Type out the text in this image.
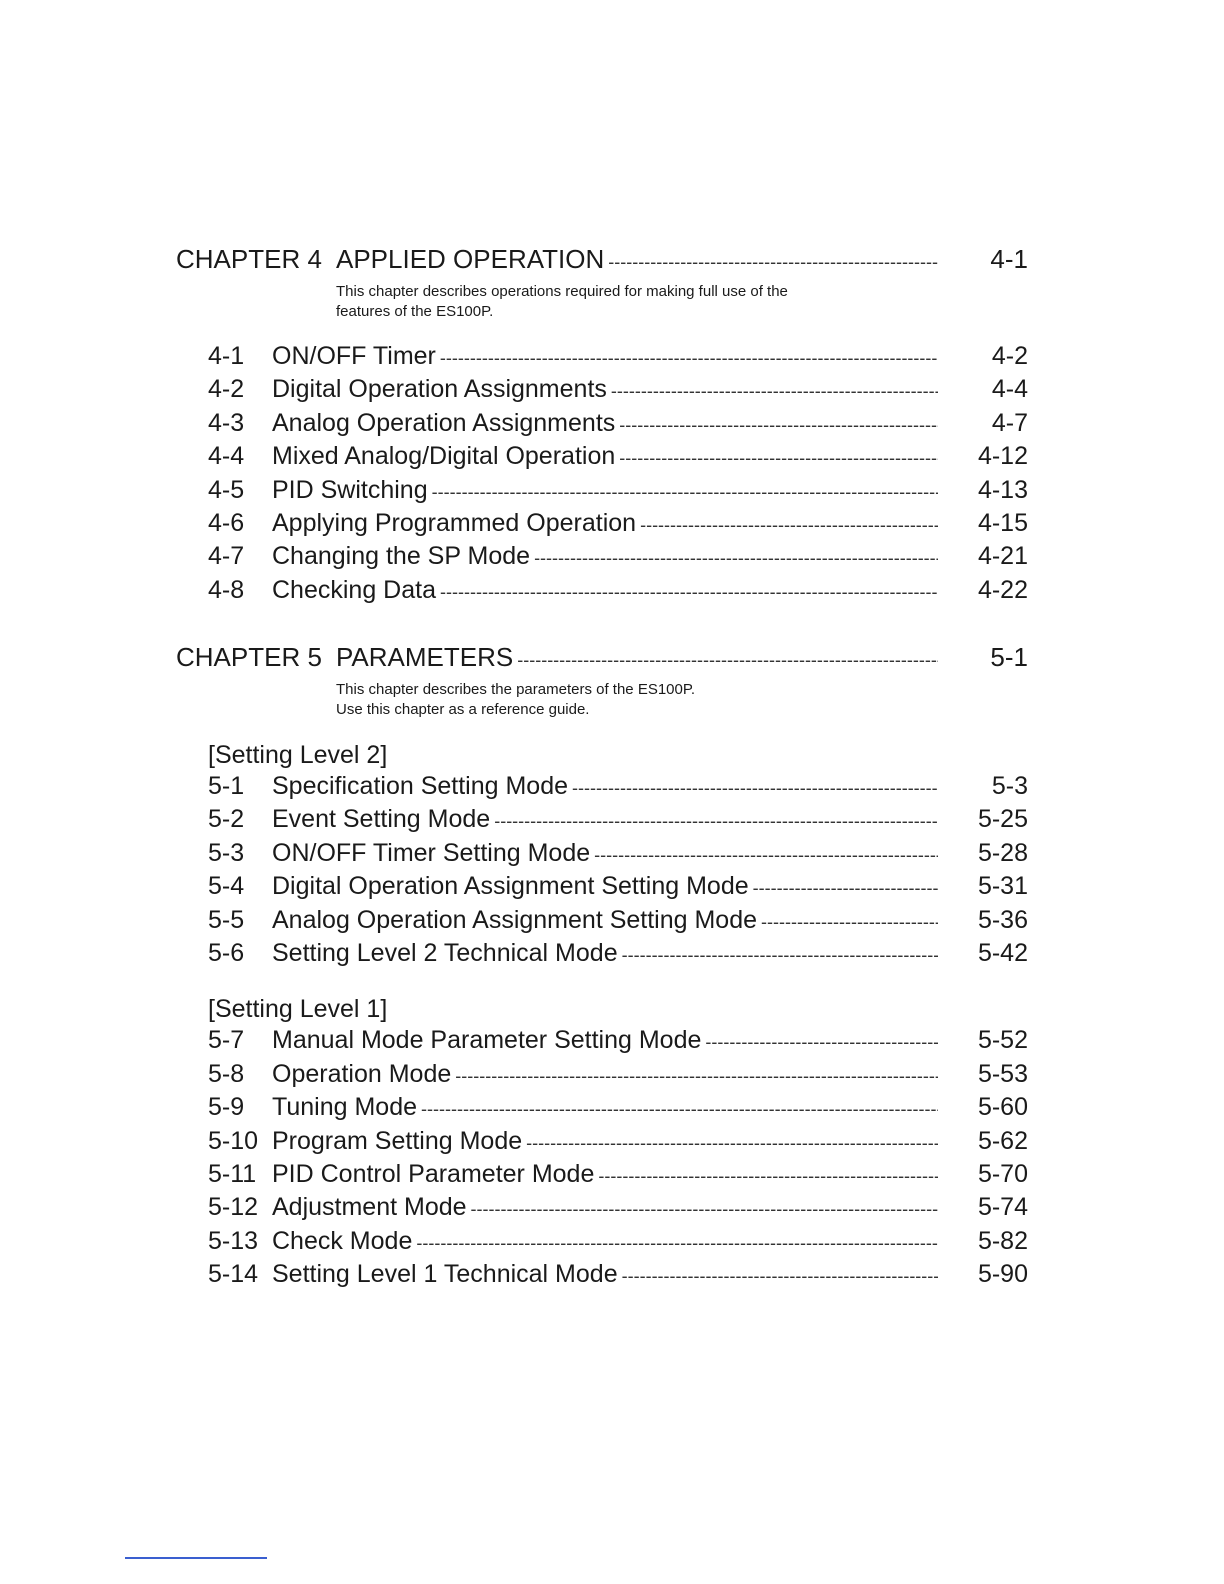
CHAPTER 4 APPLIED OPERATION -----	4-1
This chapter describes operations required for making full use of the
features of the ES100P.
4-1	ON/OFF Timer -----	4-2
4-2	Digital Operation Assignments -----	4-4
4-3	Analog Operation Assignments -----	4-7
4-4	Mixed Analog/Digital Operation -----	4-12
4-5	PID Switching -----	4-13
4-6	Applying Programmed Operation -----	4-15
4-7	Changing the SP Mode -----	4-21
4-8	Checking Data -----	4-22
CHAPTER 5 PARAMETERS -----	5-1
This chapter describes the parameters of the ES100P.
Use this chapter as a reference guide.
[Setting Level 2]
5-1	Specification Setting Mode -----	5-3
5-2	Event Setting Mode -----	5-25
5-3	ON/OFF Timer Setting Mode -----	5-28
5-4	Digital Operation Assignment Setting Mode -----	5-31
5-5	Analog Operation Assignment Setting Mode -----	5-36
5-6	Setting Level 2 Technical Mode -----	5-42
[Setting Level 1]
5-7	Manual Mode Parameter Setting Mode -----	5-52
5-8	Operation Mode -----	5-53
5-9	Tuning Mode -----	5-60
5-10 Program Setting Mode -----	5-62
5-11 PID Control Parameter Mode -----	5-70
5-12 Adjustment Mode -----	5-74
5-13 Check Mode -----	5-82
5-14 Setting Level 1 Technical Mode -----	5-90
